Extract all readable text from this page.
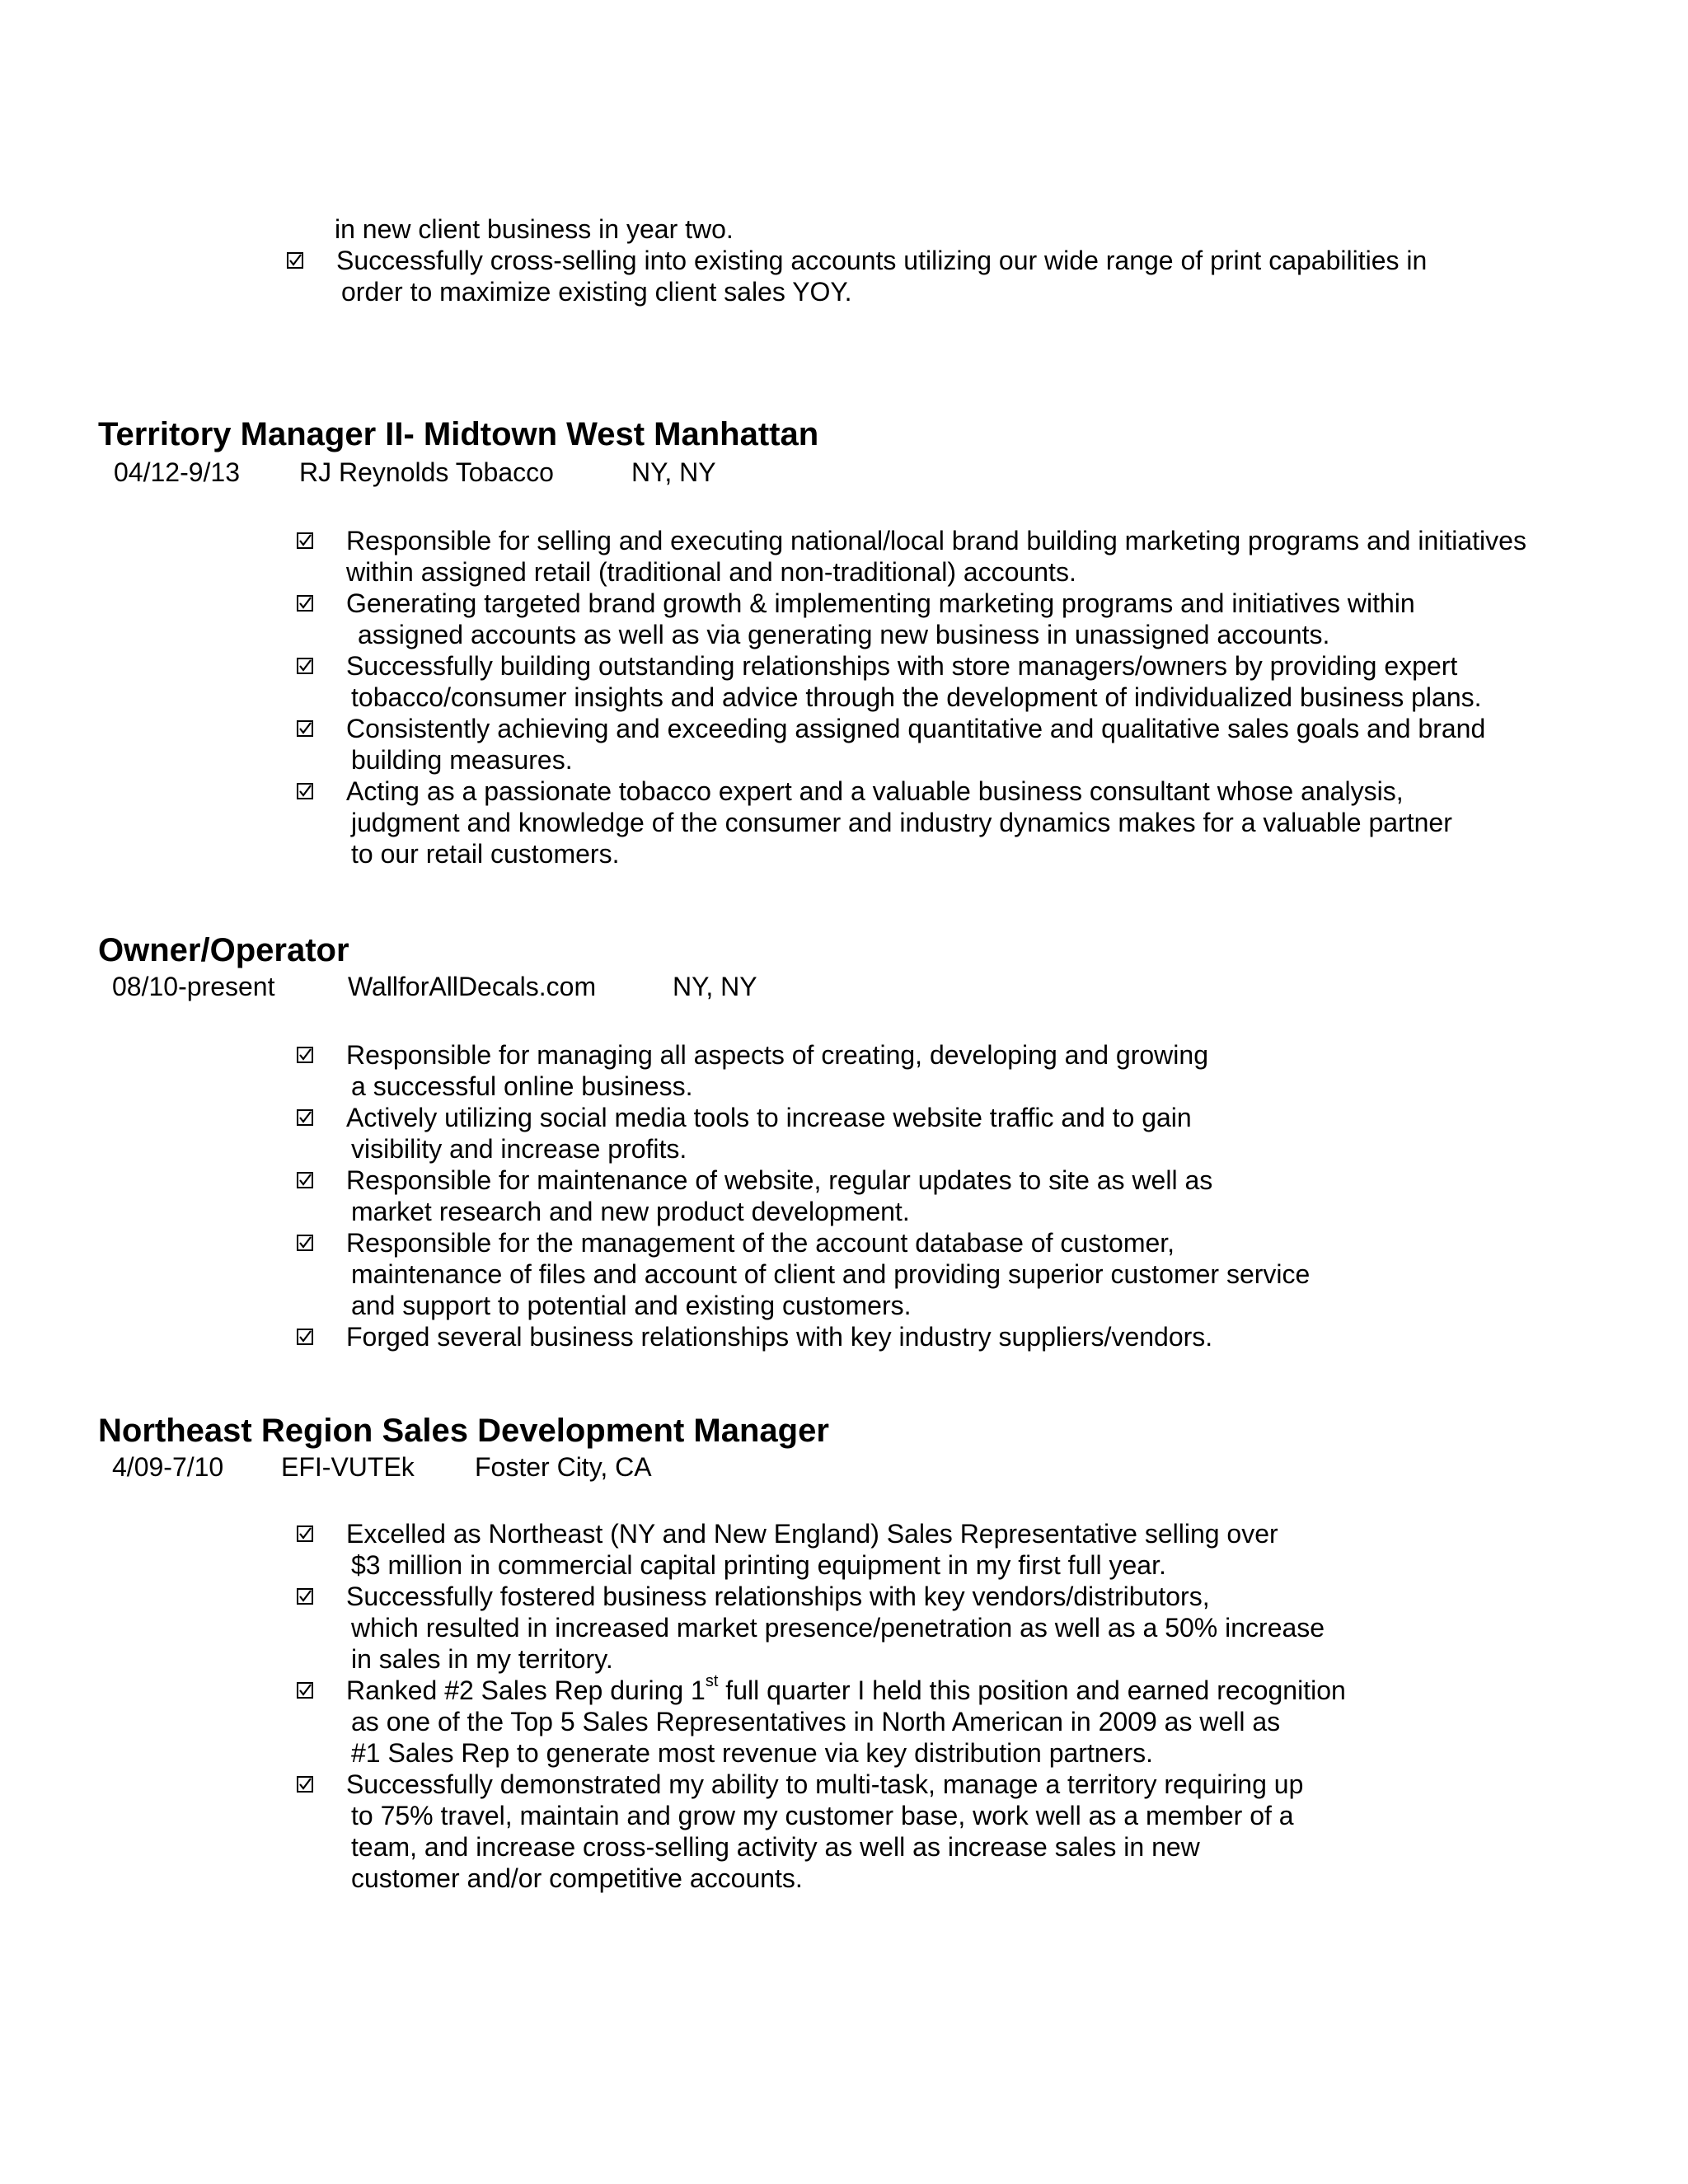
in new client business in year two.
Successfully cross-selling into existing accounts utilizing our wide range of print capabilities in
order to maximize existing client sales YOY.
Territory Manager II- Midtown West Manhattan
04/12-9/13 RJ Reynolds Tobacco	NY, NY
Responsible for selling and executing national/local brand building marketing programs and initiatives
within assigned retail (traditional and non-traditional) accounts.
Generating targeted brand growth & implementing marketing programs and initiatives within
assigned accounts as well as via generating new business in unassigned accounts.
Successfully building outstanding relationships with store managers/owners by providing expert
tobacco/consumer insights and advice through the development of individualized business plans.
Consistently achieving and exceeding assigned quantitative and qualitative sales goals and brand
building measures.
Acting as a passionate tobacco expert and a valuable business consultant whose analysis,
judgment and knowledge of the consumer and industry dynamics makes for a valuable partner
to our retail customers.
Owner/Operator
08/10-present	WallforAllDecals.com	NY, NY
Responsible for managing all aspects of creating, developing and growing
a successful online business.
Actively utilizing social media tools to increase website traffic and to gain
visibility and increase profits.
Responsible for maintenance of website, regular updates to site as well as
market research and new product development.
Responsible for the management of the account database of customer,
maintenance of files and account of client and providing superior customer service
and support to potential and existing customers.
Forged several business relationships with key industry suppliers/vendors.
Northeast Region Sales Development Manager
4/09-7/10 EFI-VUTEk Foster City, CA
Excelled as Northeast (NY and New England) Sales Representative selling over
$3 million in commercial capital printing equipment in my first full year.
Successfully fostered business relationships with key vendors/distributors,
which resulted in increased market presence/penetration as well as a 50% increase
in sales in my territory.
Ranked #2 Sales Rep during 1st full quarter I held this position and earned recognition
as one of the Top 5 Sales Representatives in North American in 2009 as well as
#1 Sales Rep to generate most revenue via key distribution partners.
Successfully demonstrated my ability to multi-task, manage a territory requiring up
to 75% travel, maintain and grow my customer base, work well as a member of a
team, and increase cross-selling activity as well as increase sales in new
customer and/or competitive accounts.
